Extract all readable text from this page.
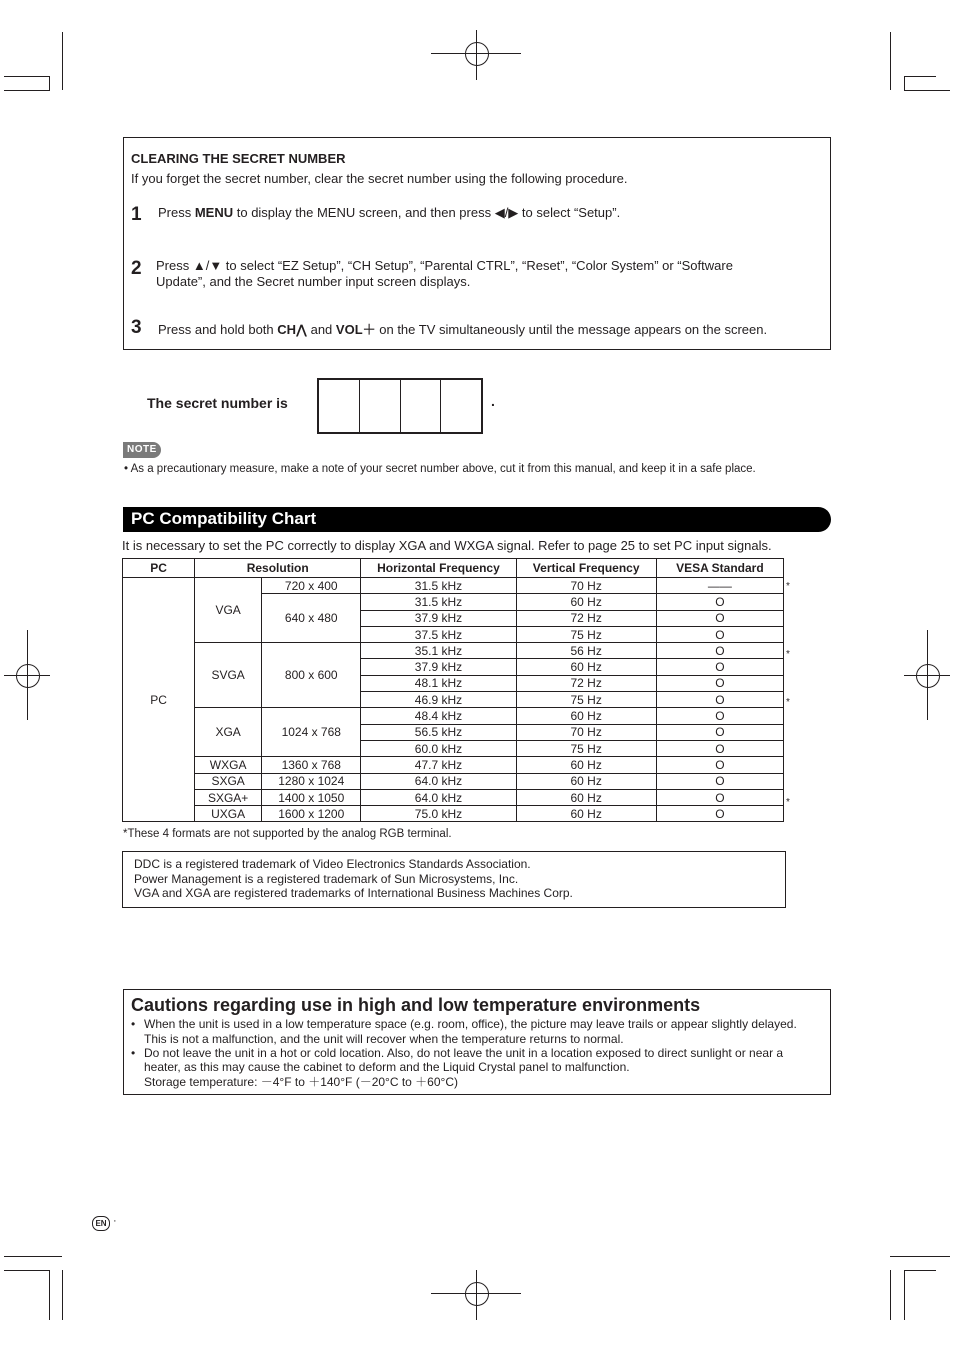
CLEARING THE SECRET NUMBER
If you forget the secret number, clear the secret number using the following procedure.
1 Press MENU to display the MENU screen, and then press ◀/▶ to select “Setup”.
2 Press ▲/▼ to select “EZ Setup”, “CH Setup”, “Parental CTRL”, “Reset”, “Color System” or “Software
Update”, and the Secret number input screen displays.
3 Press and hold both CH⋀ and VOL＋ on the TV simultaneously until the message appears on the screen.
The secret number is	.
NOTE
• As a precautionary measure, make a note of your secret number above, cut it from this manual, and keep it in a safe place.
PC Compatibility Chart
It is necessary to set the PC correctly to display XGA and WXGA signal. Refer to page 25 to set PC input signals.
PC	Resolution		Horizontal Frequency	Vertical Frequency	VESA Standard
PC	VGA	720 x 400	31.5 kHz	70 Hz	——
		640 x 480	31.5 kHz	60 Hz	O
			37.9 kHz	72 Hz	O
			37.5 kHz	75 Hz	O
	SVGA	800 x 600	35.1 kHz	56 Hz	O
			37.9 kHz	60 Hz	O
			48.1 kHz	72 Hz	O
			46.9 kHz	75 Hz	O
	XGA	1024 x 768	48.4 kHz	60 Hz	O
			56.5 kHz	70 Hz	O
			60.0 kHz	75 Hz	O
	WXGA	1360 x 768	47.7 kHz	60 Hz	O
	SXGA	1280 x 1024	64.0 kHz	60 Hz	O
	SXGA+	1400 x 1050	64.0 kHz	60 Hz	O
	UXGA	1600 x 1200	75.0 kHz	60 Hz	O
*
*
*
*
*These 4 formats are not supported by the analog RGB terminal.
DDC is a registered trademark of Video Electronics Standards Association.
Power Management is a registered trademark of Sun Microsystems, Inc.
VGA and XGA are registered trademarks of International Business Machines Corp.
Cautions regarding use in high and low temperature environments
• When the unit is used in a low temperature space (e.g. room, office), the picture may leave trails or appear slightly delayed.
This is not a malfunction, and the unit will recover when the temperature returns to normal.
• Do not leave the unit in a hot or cold location. Also, do not leave the unit in a location exposed to direct sunlight or near a
heater, as this may cause the cabinet to deform and the Liquid Crystal panel to malfunction.
Storage temperature: －4°F to ＋140°F (－20°C to ＋60°C)
EN ·
